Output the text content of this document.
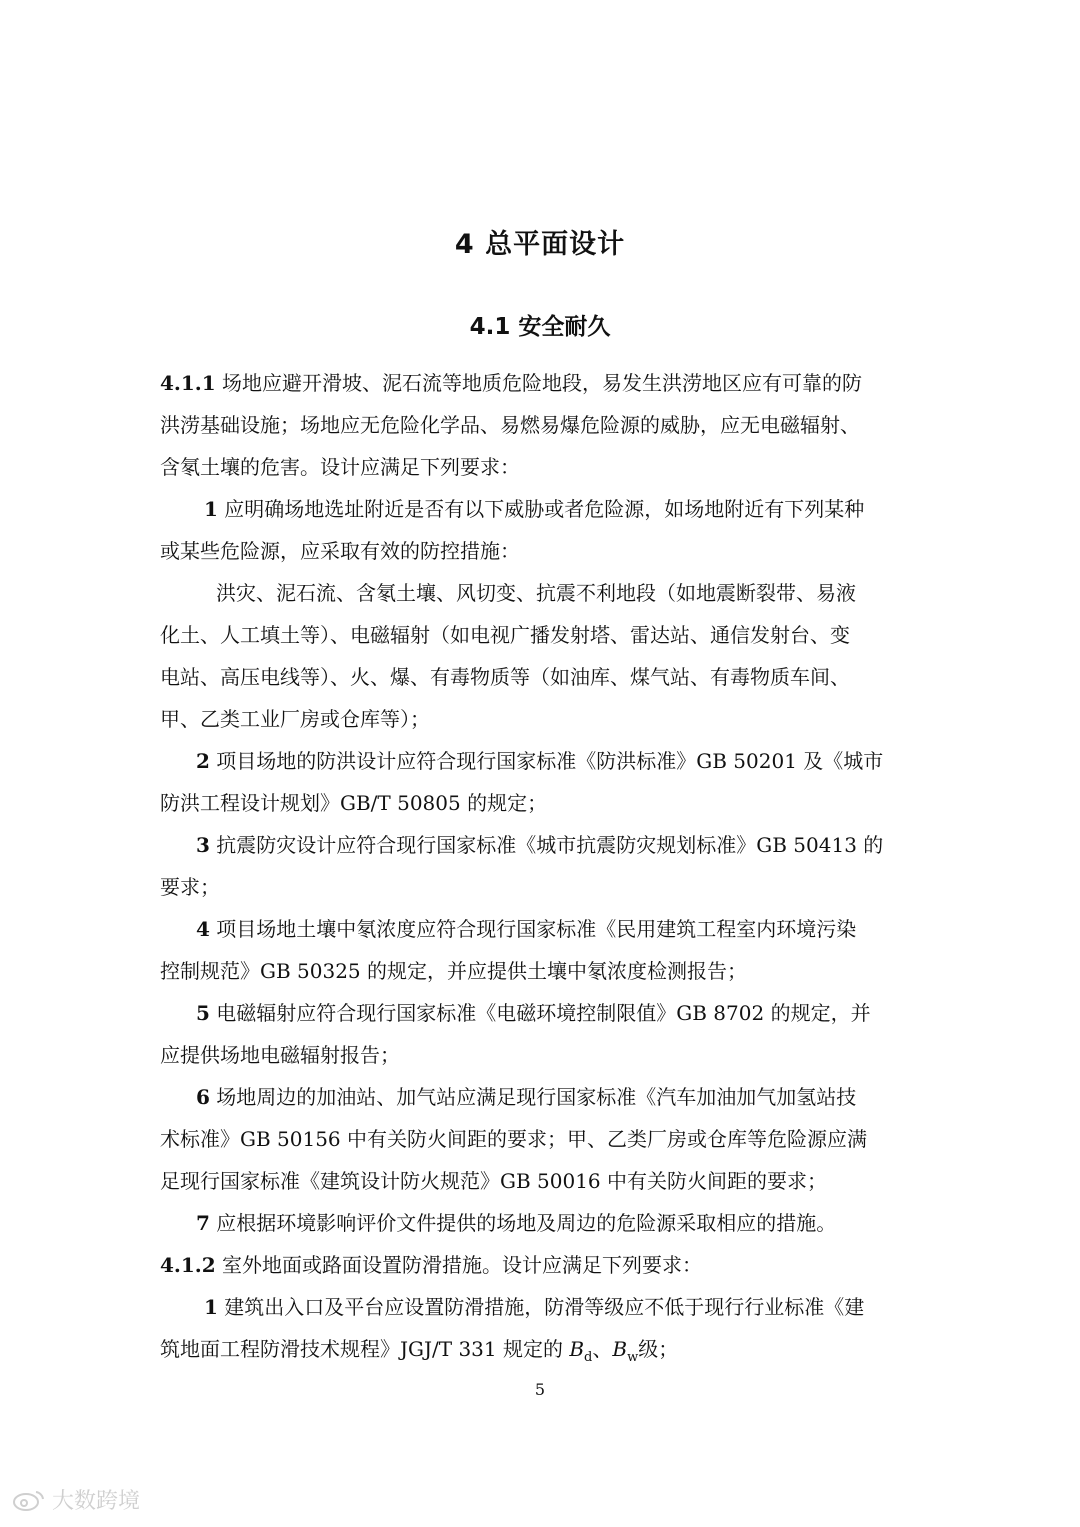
4 总平面设计
4.1 安全耐久
4.1.1 场地应避开滑坡、泥石流等地质危险地段，易发生洪涝地区应有可靠的防
洪涝基础设施；场地应无危险化学品、易燃易爆危险源的威胁，应无电磁辐射、
含氡土壤的危害。设计应满足下列要求：
1 应明确场地选址附近是否有以下威胁或者危险源，如场地附近有下列某种
或某些危险源，应采取有效的防控措施：
洪灾、泥石流、含氡土壤、风切变、抗震不利地段（如地震断裂带、易液
化土、人工填土等）、电磁辐射（如电视广播发射塔、雷达站、通信发射台、变
电站、高压电线等）、火、爆、有毒物质等（如油库、煤气站、有毒物质车间、
甲、乙类工业厂房或仓库等）；
2 项目场地的防洪设计应符合现行国家标准《防洪标准》GB 50201 及《城市
防洪工程设计规划》GB/T 50805 的规定；
3 抗震防灾设计应符合现行国家标准《城市抗震防灾规划标准》GB 50413 的
要求；
4 项目场地土壤中氡浓度应符合现行国家标准《民用建筑工程室内环境污染
控制规范》GB 50325 的规定，并应提供土壤中氡浓度检测报告；
5 电磁辐射应符合现行国家标准《电磁环境控制限值》GB 8702 的规定，并
应提供场地电磁辐射报告；
6 场地周边的加油站、加气站应满足现行国家标准《汽车加油加气加氢站技
术标准》GB 50156 中有关防火间距的要求；甲、乙类厂房或仓库等危险源应满
足现行国家标准《建筑设计防火规范》GB 50016 中有关防火间距的要求；
7 应根据环境影响评价文件提供的场地及周边的危险源采取相应的措施。
4.1.2 室外地面或路面设置防滑措施。设计应满足下列要求：
1 建筑出入口及平台应设置防滑措施，防滑等级应不低于现行行业标准《建
筑地面工程防滑技术规程》JGJ/T 331 规定的 $B_d$、$B_w$级；
5
大数跨境
